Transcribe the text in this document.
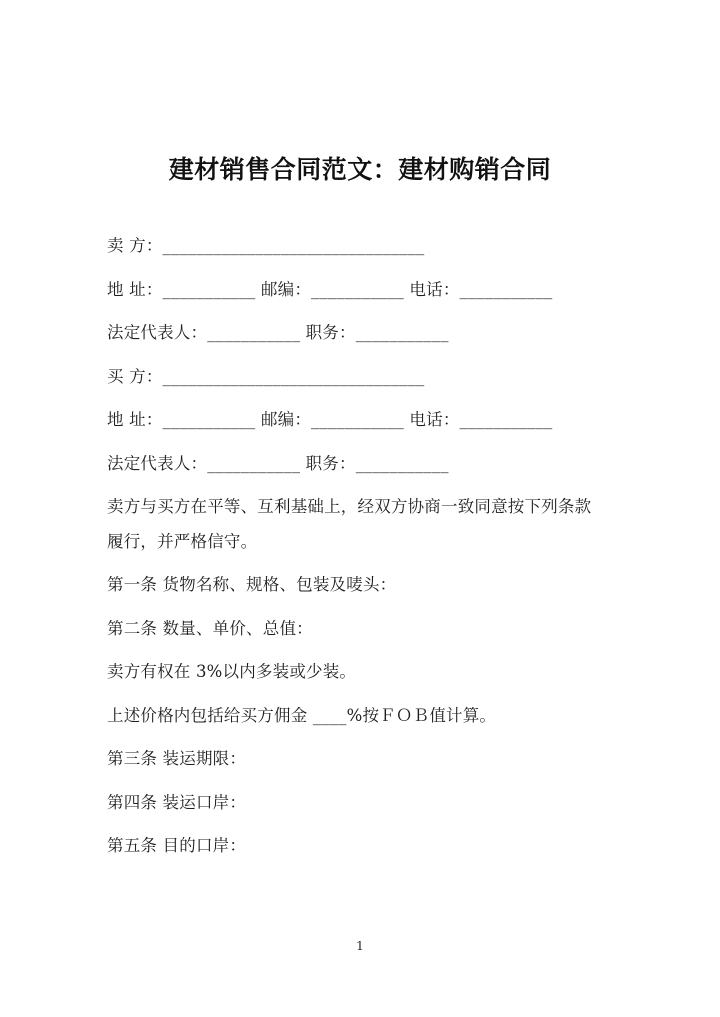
建材销售合同范文：建材购销合同

卖 方：_______________________________

地 址：___________ 邮编：___________ 电话：___________

法定代表人：___________ 职务：___________

买 方：_______________________________

地 址：___________ 邮编：___________ 电话：___________

法定代表人：___________ 职务：___________

卖方与买方在平等、互利基础上，经双方协商一致同意按下列条款履行，并严格信守。

第一条 货物名称、规格、包装及唛头：

第二条 数量、单价、总值：

卖方有权在 3%以内多装或少装。

上述价格内包括给买方佣金 ____%按ＦＯＢ值计算。

第三条 装运期限：

第四条 装运口岸：

第五条 目的口岸：

1
